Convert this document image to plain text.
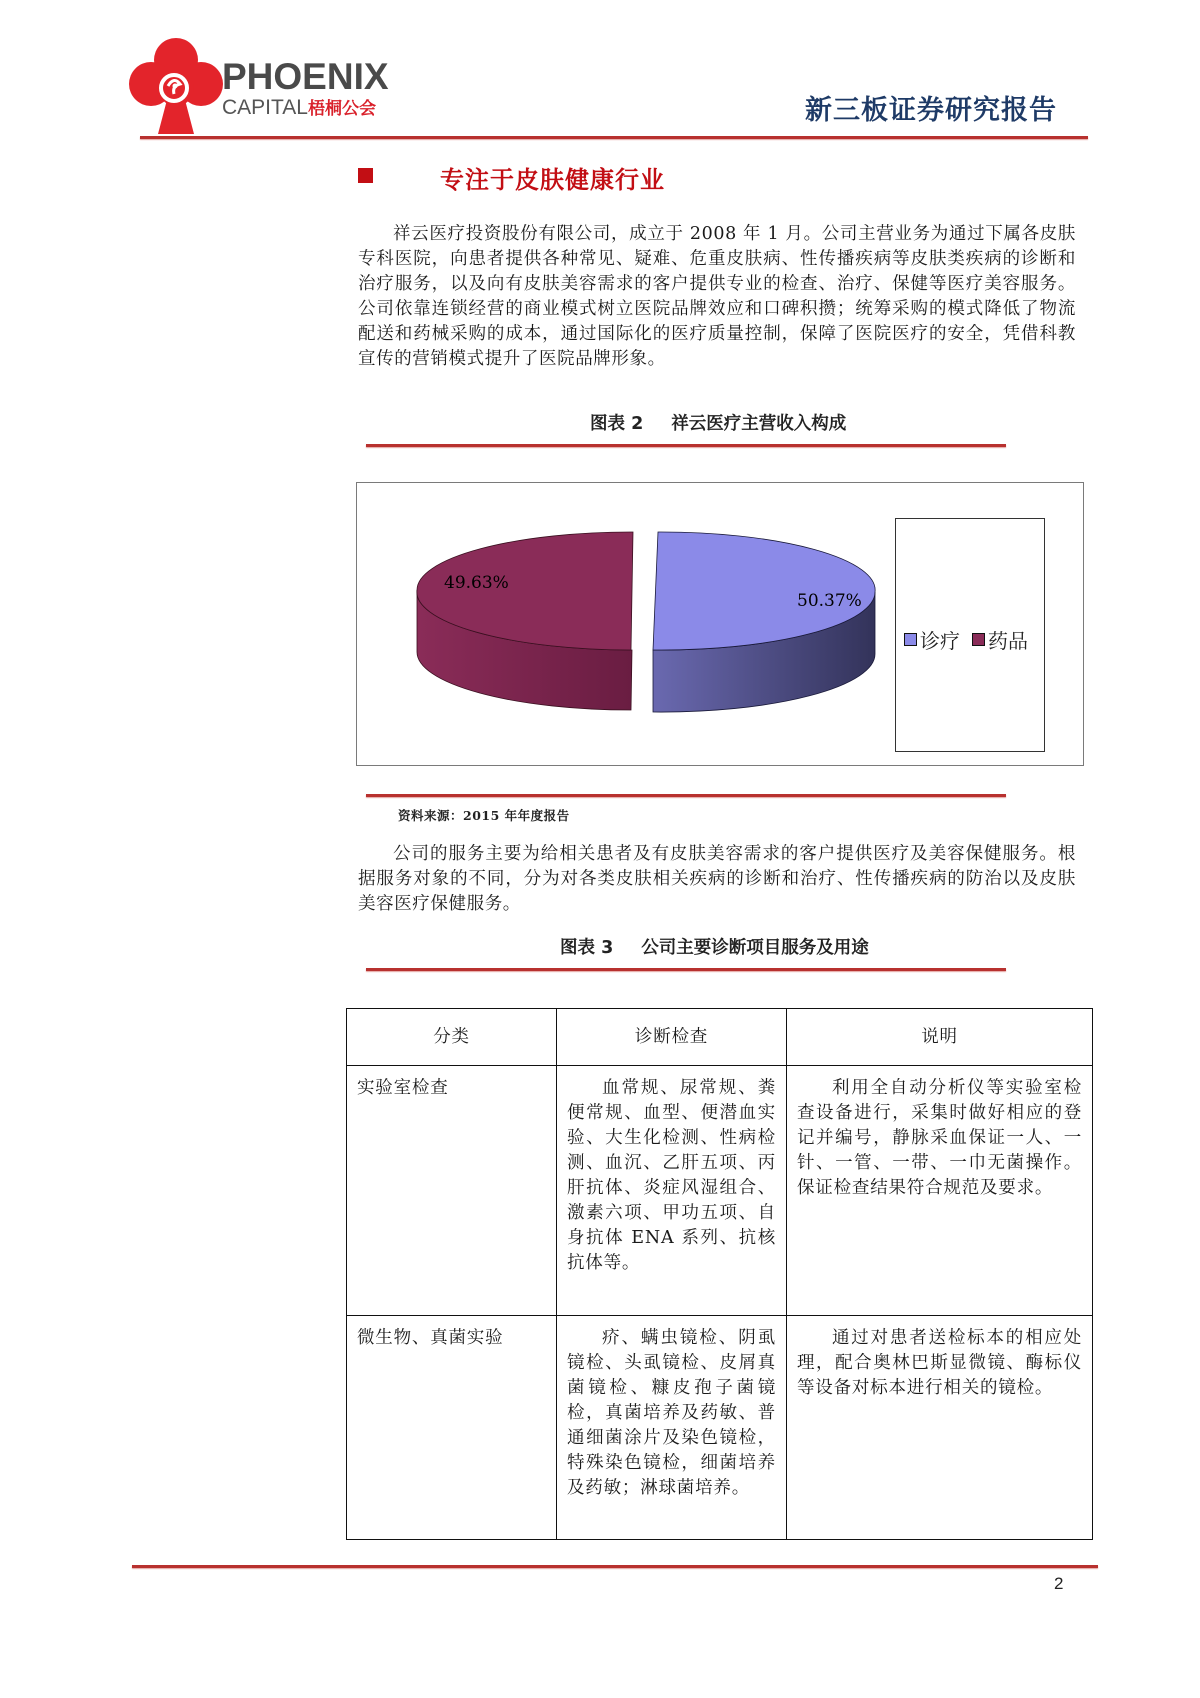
PHOENIX
CAPITAL梧桐公会	新三板证券研究报告
专注于皮肤健康行业

祥云医疗投资股份有限公司，成立于 2008 年 1 月。公司主营业务为通过下属各皮肤专科医院，向患者提供各种常见、疑难、危重皮肤病、性传播疾病等皮肤类疾病的诊断和治疗服务，以及向有皮肤美容需求的客户提供专业的检查、治疗、保健等医疗美容服务。公司依靠连锁经营的商业模式树立医院品牌效应和口碑积攒；统筹采购的模式降低了物流配送和药械采购的成本，通过国际化的医疗质量控制，保障了医院医疗的安全，凭借科教宣传的营销模式提升了医院品牌形象。

图表 2 祥云医疗主营收入构成
49.63%
50.37%
诊疗 药品
资料来源：2015 年年度报告

公司的服务主要为给相关患者及有皮肤美容需求的客户提供医疗及美容保健服务。根据服务对象的不同，分为对各类皮肤相关疾病的诊断和治疗、性传播疾病的防治以及皮肤美容医疗保健服务。

图表 3 公司主要诊断项目服务及用途
分类	诊断检查	说明
实验室检查	血常规、尿常规、粪便常规、血型、便潜血实验、大生化检测、性病检测、血沉、乙肝五项、丙肝抗体、炎症风湿组合、激素六项、甲功五项、自身抗体 ENA 系列、抗核抗体等。	利用全自动分析仪等实验室检查设备进行，采集时做好相应的登记并编号，静脉采血保证一人、一针、一管、一带、一巾无菌操作。保证检查结果符合规范及要求。
微生物、真菌实验	疥、螨虫镜检、阴虱镜检、头虱镜检、皮屑真菌镜检、糠皮孢子菌镜检，真菌培养及药敏、普通细菌涂片及染色镜检，特殊染色镜检，细菌培养及药敏；淋球菌培养。	通过对患者送检标本的相应处理，配合奥林巴斯显微镜、酶标仪等设备对标本进行相关的镜检。
2
